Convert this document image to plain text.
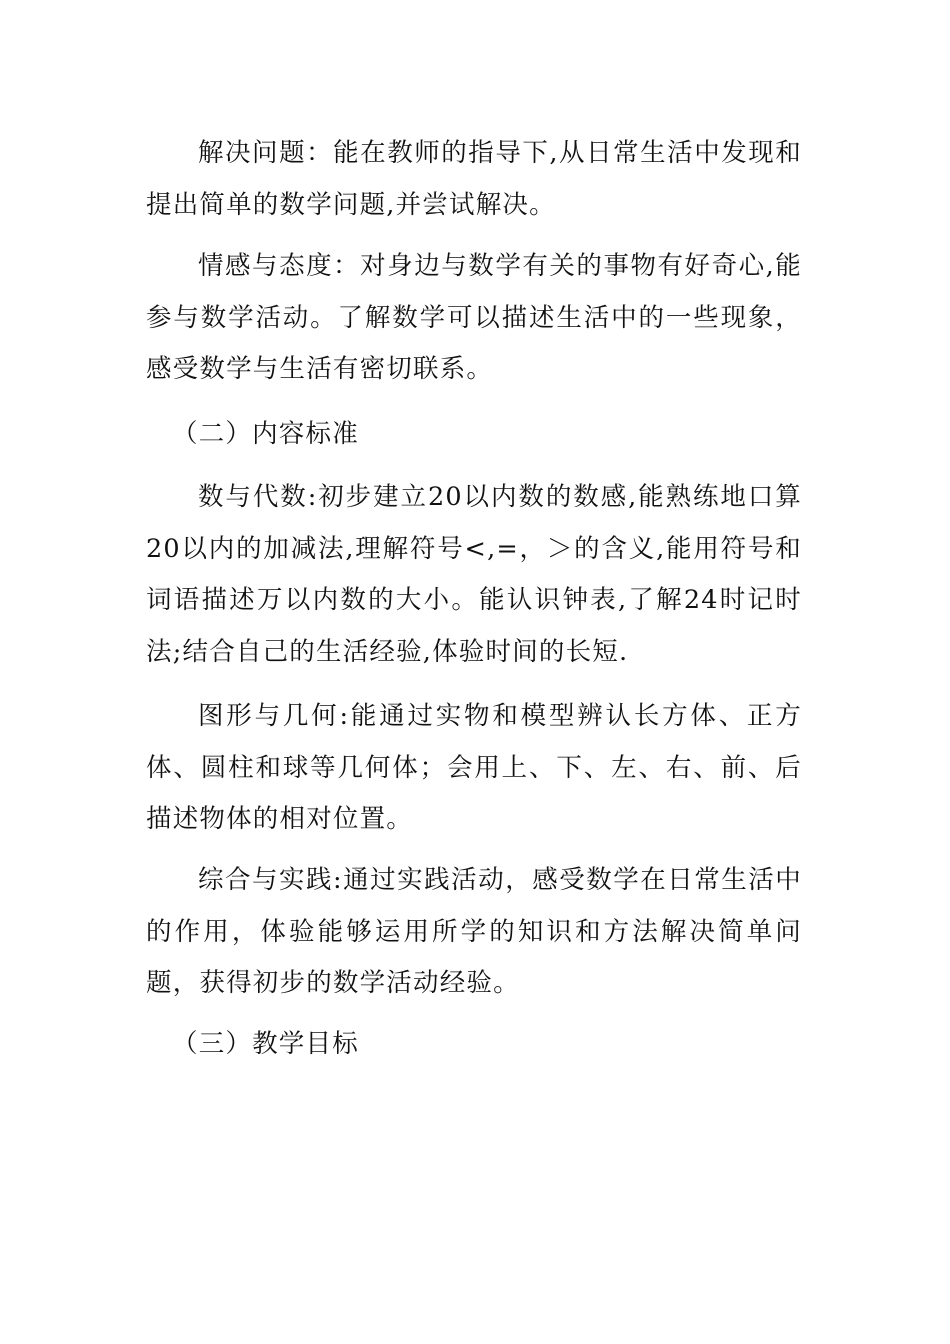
解决问题：能在教师的指导下,从日常生活中发现和提出简单的数学问题,并尝试解决。

情感与态度：对身边与数学有关的事物有好奇心,能参与数学活动。了解数学可以描述生活中的一些现象，感受数学与生活有密切联系。

（二）内容标准

数与代数:初步建立20以内数的数感,能熟练地口算20以内的加减法,理解符号<,=，＞的含义,能用符号和词语描述万以内数的大小。能认识钟表,了解24时记时法;结合自己的生活经验,体验时间的长短.

图形与几何:能通过实物和模型辨认长方体、正方体、圆柱和球等几何体；会用上、下、左、右、前、后描述物体的相对位置。

综合与实践:通过实践活动，感受数学在日常生活中的作用，体验能够运用所学的知识和方法解决简单问题，获得初步的数学活动经验。

（三）教学目标
